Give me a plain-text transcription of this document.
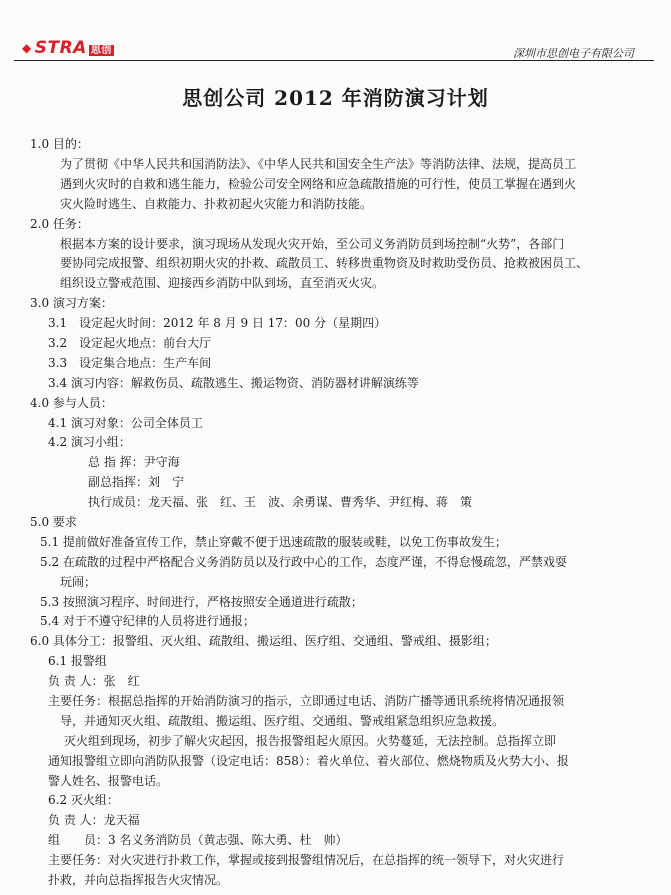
◆ STRA 思创	深圳市思创电子有限公司
思创公司 2012 年消防演习计划
1.0 目的：
为了贯彻《中华人民共和国消防法》、《中华人民共和国安全生产法》等消防法律、法规，提高员工
遇到火灾时的自救和逃生能力，检验公司安全网络和应急疏散措施的可行性，使员工掌握在遇到火
灾火险时逃生、自救能力、扑救初起火灾能力和消防技能。
2.0 任务：
根据本方案的设计要求，演习现场从发现火灾开始，至公司义务消防员到场控制“火势”，各部门
要协同完成报警、组织初期火灾的扑救、疏散员工、转移贵重物资及时救助受伤员、抢救被困员工、
组织设立警戒范围、迎接西乡消防中队到场，直至消灭火灾。
3.0 演习方案：
3.1　设定起火时间：2012 年 8 月 9 日 17：00 分（星期四）
3.2　设定起火地点：前台大厅
3.3　设定集合地点：生产车间
3.4 演习内容：解救伤员、疏散逃生、搬运物资、消防器材讲解演练等
4.0 参与人员：
4.1 演习对象：公司全体员工
4.2 演习小组：
总 指 挥：尹守海
副总指挥：刘　宁
执行成员：龙天福、张　红、王　波、余勇谋、曹秀华、尹红梅、蒋　策
5.0 要求
5.1 提前做好准备宣传工作，禁止穿戴不便于迅速疏散的服装或鞋，以免工伤事故发生；
5.2 在疏散的过程中严格配合义务消防员以及行政中心的工作，态度严谨，不得怠慢疏忽，严禁戏耍
玩闹；
5.3 按照演习程序、时间进行，严格按照安全通道进行疏散；
5.4 对于不遵守纪律的人员将进行通报；
6.0 具体分工：报警组、灭火组、疏散组、搬运组、医疗组、交通组、警戒组、摄影组；
6.1 报警组
负 责 人：张　红
主要任务：根据总指挥的开始消防演习的指示，立即通过电话、消防广播等通讯系统将情况通报领
导，并通知灭火组、疏散组、搬运组、医疗组、交通组、警戒组紧急组织应急救援。
灭火组到现场，初步了解火灾起因，报告报警组起火原因。火势蔓延，无法控制。总指挥立即
通知报警组立即向消防队报警（设定电话：858）：着火单位、着火部位、燃烧物质及火势大小、报
警人姓名、报警电话。
6.2 灭火组：
负 责 人：龙天福
组　　员：3 名义务消防员（黄志强、陈大勇、杜　帅）
主要任务：对火灾进行扑救工作，掌握或接到报警组情况后，在总指挥的统一领导下，对火灾进行
扑救，并向总指挥报告火灾情况。
